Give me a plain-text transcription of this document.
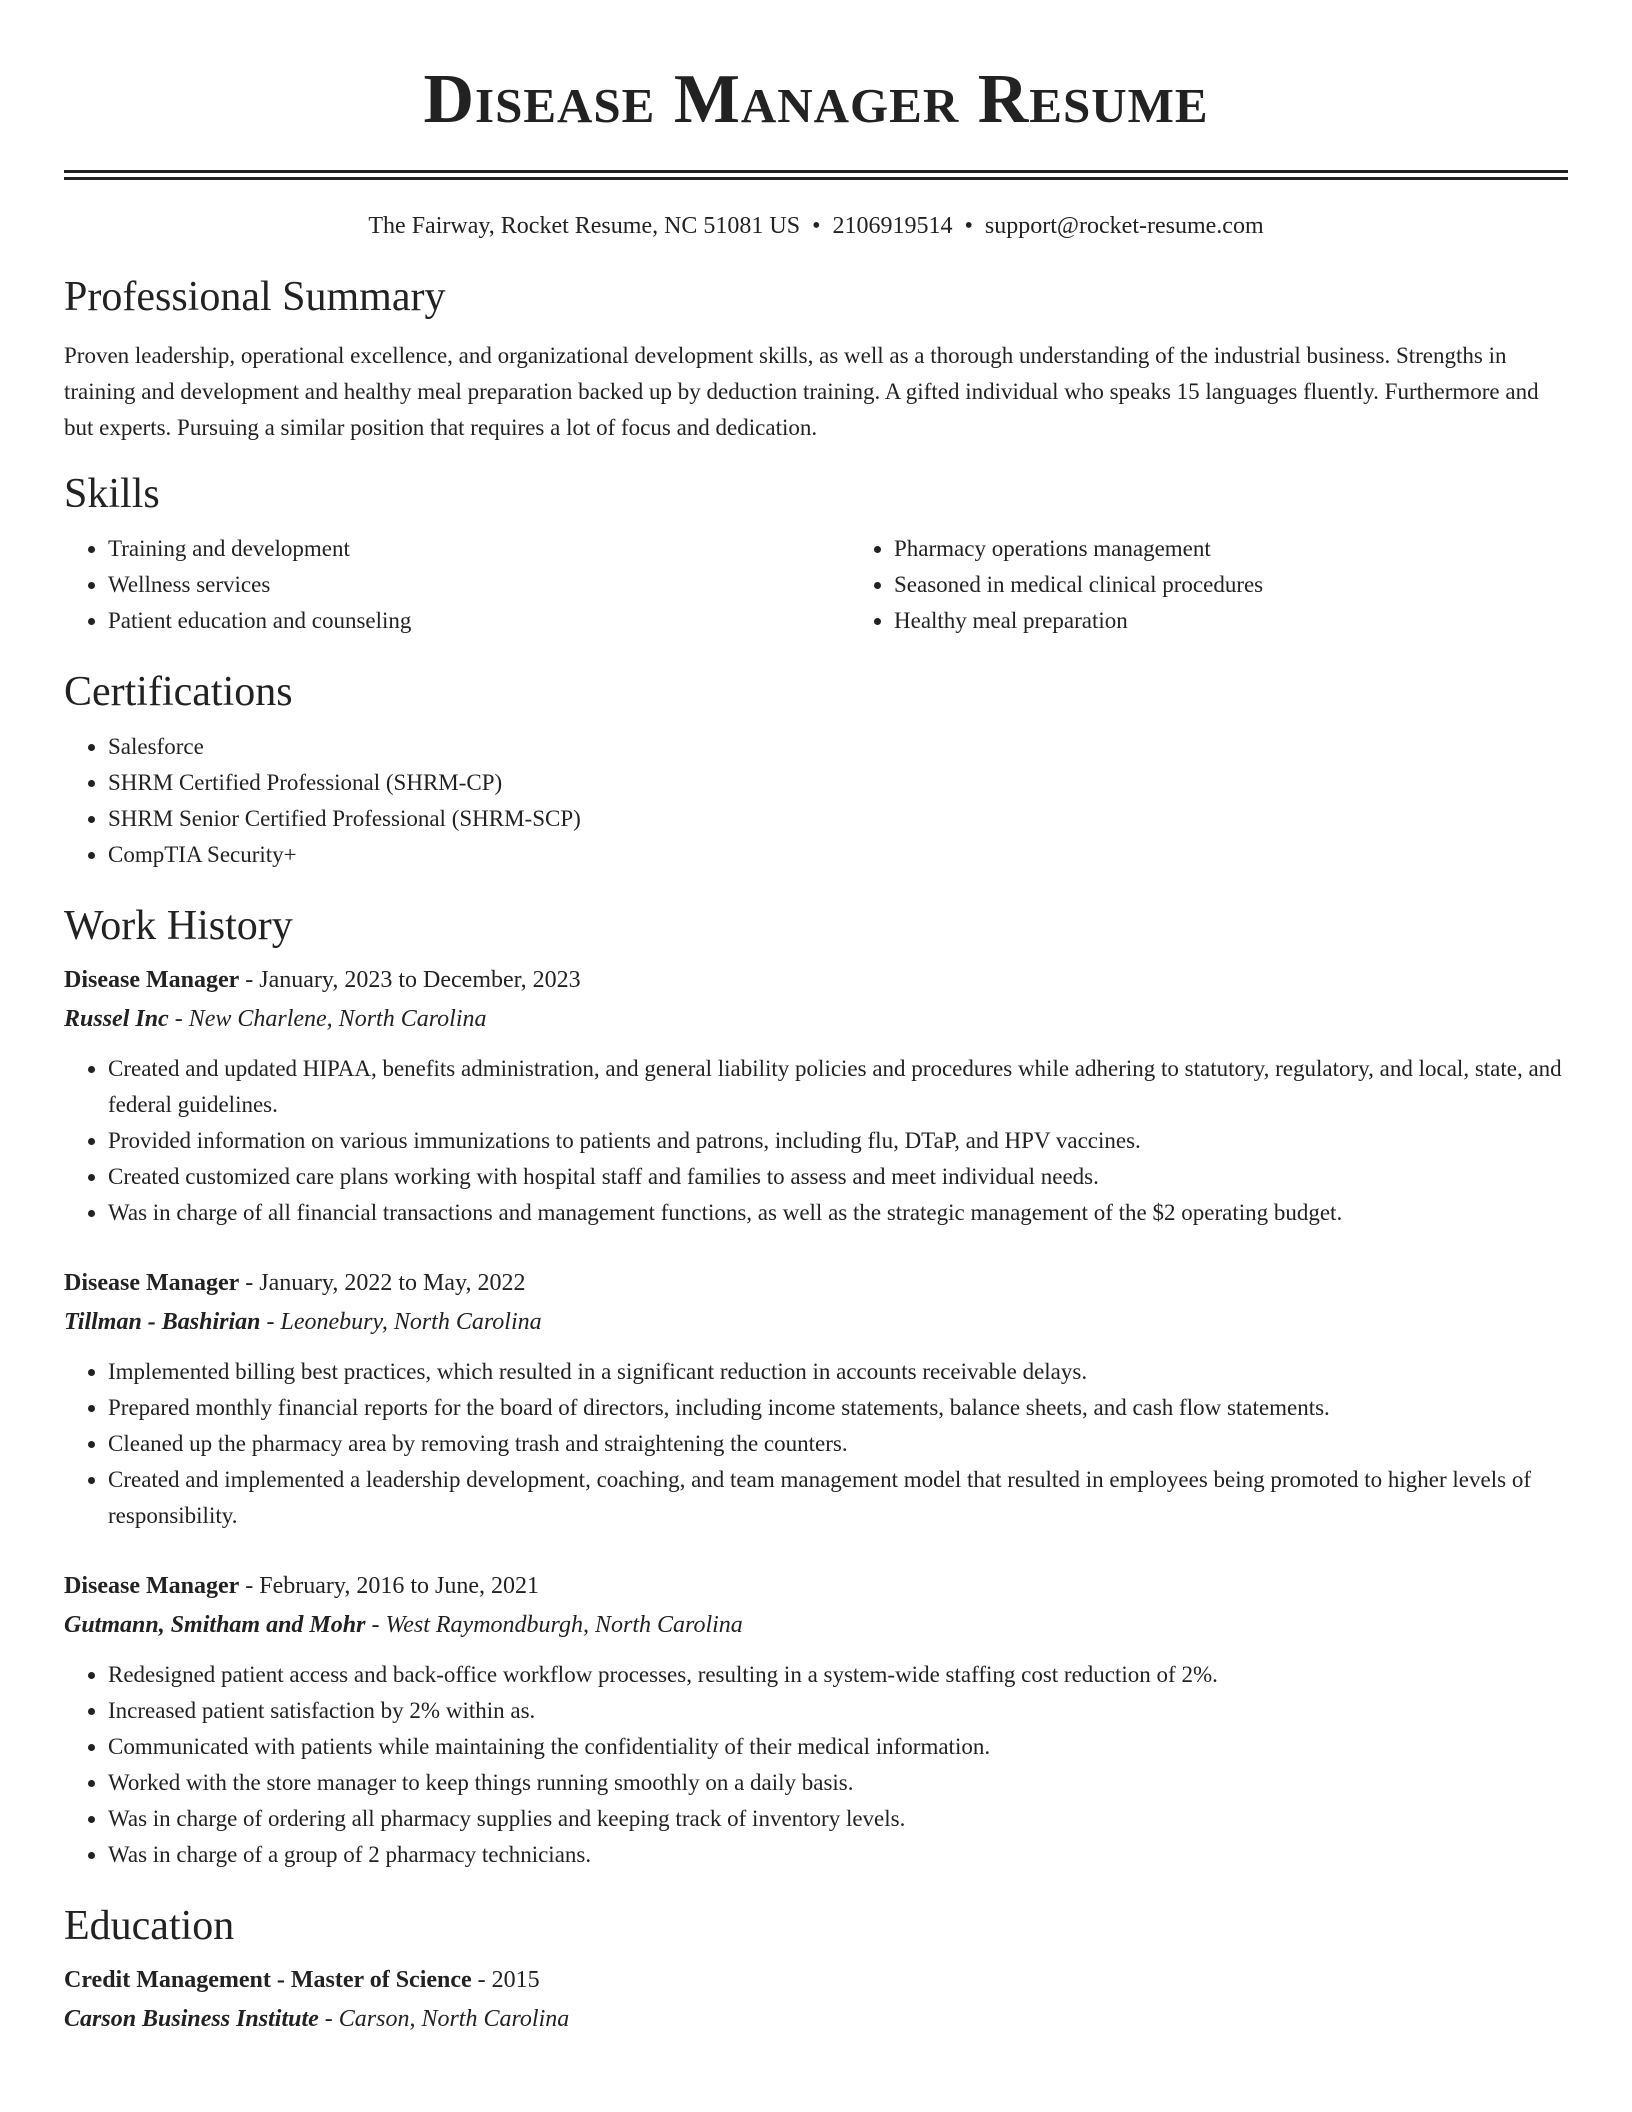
Disease Manager Resume
The Fairway, Rocket Resume, NC 51081 US • 2106919514 • support@rocket-resume.com
Professional Summary

Proven leadership, operational excellence, and organizational development skills, as well as a thorough understanding of the industrial business. Strengths in training and development and healthy meal preparation backed up by deduction training. A gifted individual who speaks 15 languages fluently. Furthermore and but experts. Pursuing a similar position that requires a lot of focus and dedication.

Skills
• Training and development
• Wellness services
• Patient education and counseling
• Pharmacy operations management
• Seasoned in medical clinical procedures
• Healthy meal preparation
Certifications
• Salesforce
• SHRM Certified Professional (SHRM-CP)
• SHRM Senior Certified Professional (SHRM-SCP)
• CompTIA Security+
Work History
Disease Manager - January, 2023 to December, 2023
Russel Inc - New Charlene, North Carolina
• Created and updated HIPAA, benefits administration, and general liability policies and procedures while adhering to statutory, regulatory, and local, state, and federal guidelines.
• Provided information on various immunizations to patients and patrons, including flu, DTaP, and HPV vaccines.
• Created customized care plans working with hospital staff and families to assess and meet individual needs.
• Was in charge of all financial transactions and management functions, as well as the strategic management of the $2 operating budget.
Disease Manager - January, 2022 to May, 2022
Tillman - Bashirian - Leonebury, North Carolina
• Implemented billing best practices, which resulted in a significant reduction in accounts receivable delays.
• Prepared monthly financial reports for the board of directors, including income statements, balance sheets, and cash flow statements.
• Cleaned up the pharmacy area by removing trash and straightening the counters.
• Created and implemented a leadership development, coaching, and team management model that resulted in employees being promoted to higher levels of responsibility.
Disease Manager - February, 2016 to June, 2021
Gutmann, Smitham and Mohr - West Raymondburgh, North Carolina
• Redesigned patient access and back-office workflow processes, resulting in a system-wide staffing cost reduction of 2%.
• Increased patient satisfaction by 2% within as.
• Communicated with patients while maintaining the confidentiality of their medical information.
• Worked with the store manager to keep things running smoothly on a daily basis.
• Was in charge of ordering all pharmacy supplies and keeping track of inventory levels.
• Was in charge of a group of 2 pharmacy technicians.
Education
Credit Management - Master of Science - 2015
Carson Business Institute - Carson, North Carolina
